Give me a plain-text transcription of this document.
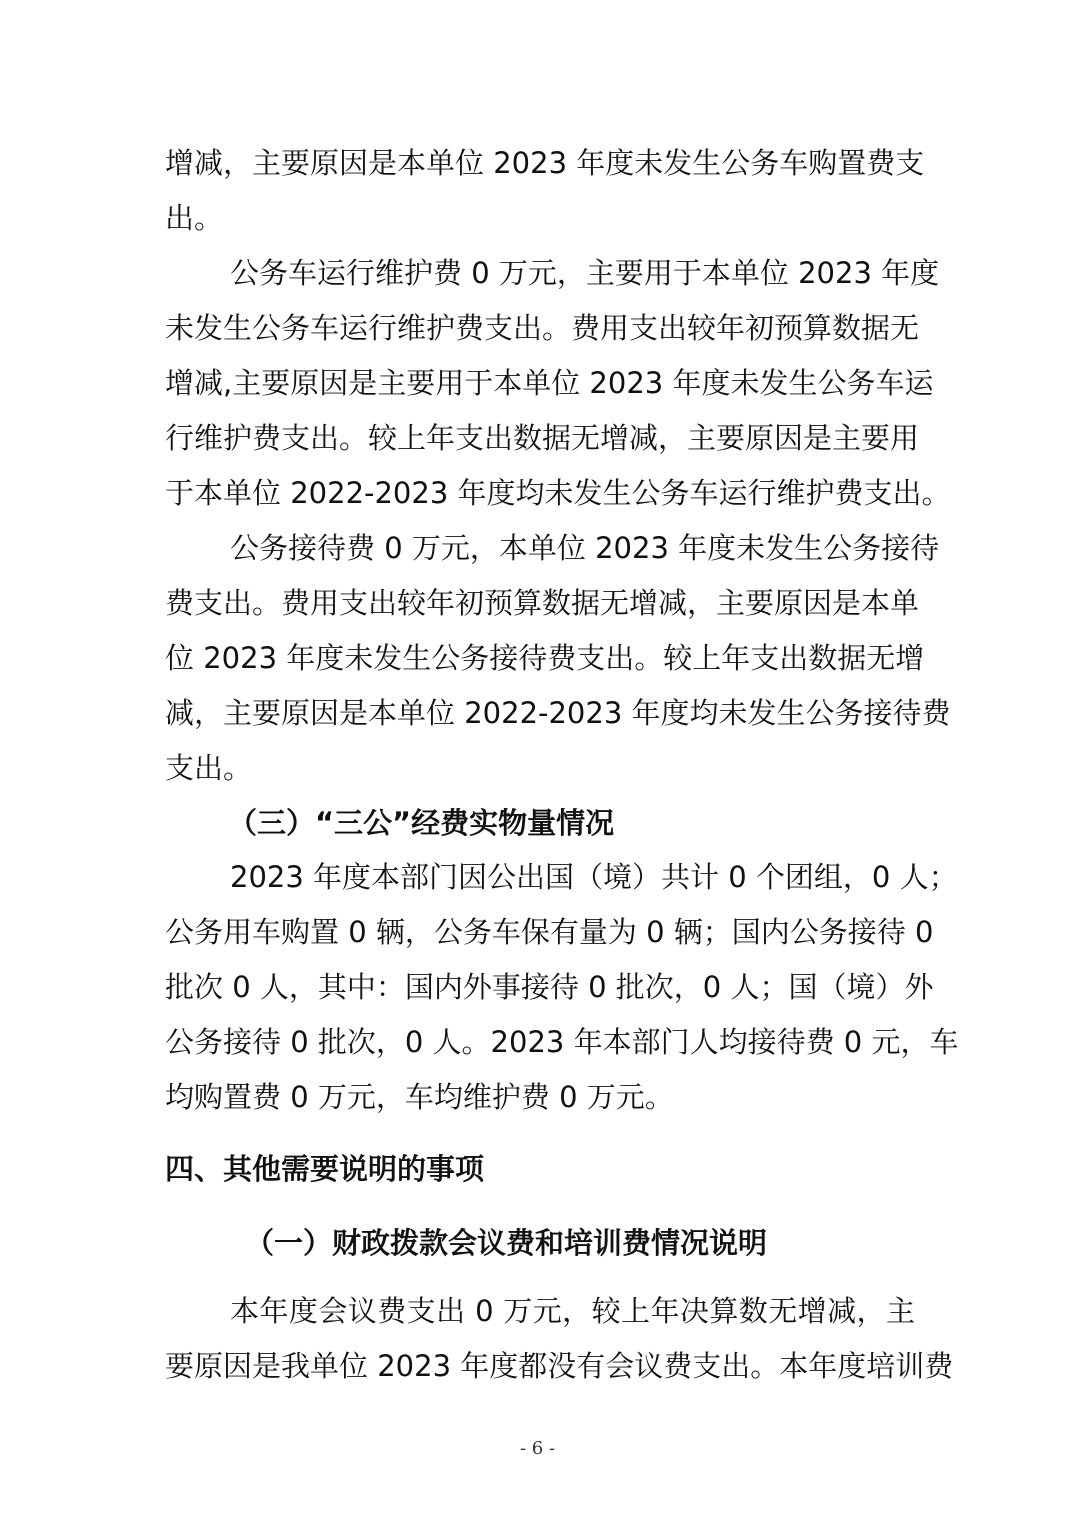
增减，主要原因是本单位 2023 年度未发生公务车购置费支
出。
公务车运行维护费 0 万元，主要用于本单位 2023 年度
未发生公务车运行维护费支出。费用支出较年初预算数据无
增减,主要原因是主要用于本单位 2023 年度未发生公务车运
行维护费支出。较上年支出数据无增减，主要原因是主要用
于本单位 2022-2023 年度均未发生公务车运行维护费支出。
公务接待费 0 万元，本单位 2023 年度未发生公务接待
费支出。费用支出较年初预算数据无增减，主要原因是本单
位 2023 年度未发生公务接待费支出。较上年支出数据无增
减，主要原因是本单位 2022-2023 年度均未发生公务接待费
支出。
（三）“三公”经费实物量情况
2023 年度本部门因公出国（境）共计 0 个团组，0 人；
公务用车购置 0 辆，公务车保有量为 0 辆；国内公务接待 0
批次 0 人，其中：国内外事接待 0 批次，0 人；国（境）外
公务接待 0 批次，0 人。2023 年本部门人均接待费 0 元，车
均购置费 0 万元，车均维护费 0 万元。
四、其他需要说明的事项
（一）财政拨款会议费和培训费情况说明
本年度会议费支出 0 万元，较上年决算数无增减，主
要原因是我单位 2023 年度都没有会议费支出。本年度培训费
- 6 -
